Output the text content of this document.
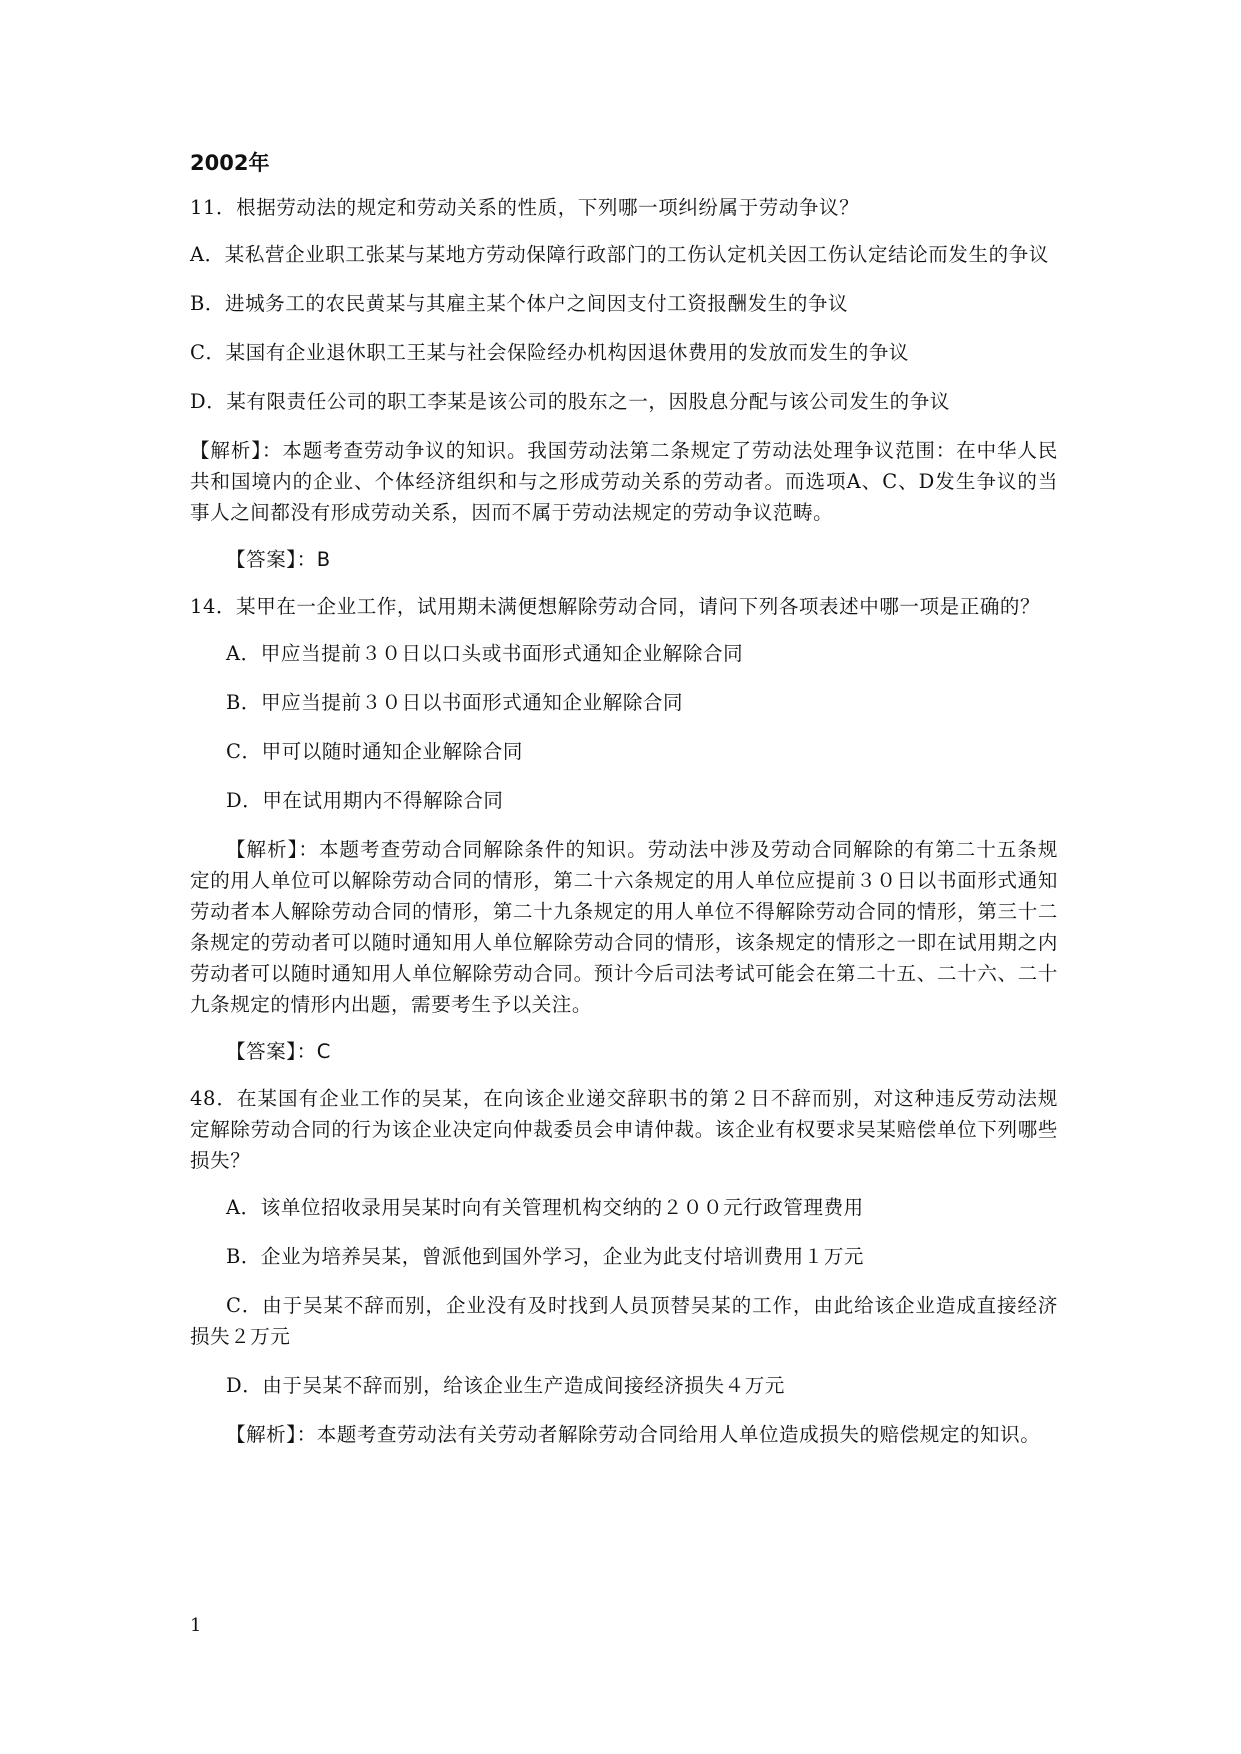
2002年
11．根据劳动法的规定和劳动关系的性质，下列哪一项纠纷属于劳动争议？
A．某私营企业职工张某与某地方劳动保障行政部门的工伤认定机关因工伤认定结论而发生的争议
B．进城务工的农民黄某与其雇主某个体户之间因支付工资报酬发生的争议
C．某国有企业退休职工王某与社会保险经办机构因退休费用的发放而发生的争议
D．某有限责任公司的职工李某是该公司的股东之一，因股息分配与该公司发生的争议
【解析】：本题考查劳动争议的知识。我国劳动法第二条规定了劳动法处理争议范围：在中华人民共和国境内的企业、个体经济组织和与之形成劳动关系的劳动者。而选项A、C、D发生争议的当事人之间都没有形成劳动关系，因而不属于劳动法规定的劳动争议范畴。
【答案】：B
14．某甲在一企业工作，试用期未满便想解除劳动合同，请问下列各项表述中哪一项是正确的？
A．甲应当提前３０日以口头或书面形式通知企业解除合同
B．甲应当提前３０日以书面形式通知企业解除合同
C．甲可以随时通知企业解除合同
D．甲在试用期内不得解除合同
【解析】：本题考查劳动合同解除条件的知识。劳动法中涉及劳动合同解除的有第二十五条规定的用人单位可以解除劳动合同的情形，第二十六条规定的用人单位应提前３０日以书面形式通知劳动者本人解除劳动合同的情形，第二十九条规定的用人单位不得解除劳动合同的情形，第三十二条规定的劳动者可以随时通知用人单位解除劳动合同的情形，该条规定的情形之一即在试用期之内劳动者可以随时通知用人单位解除劳动合同。预计今后司法考试可能会在第二十五、二十六、二十九条规定的情形内出题，需要考生予以关注。
【答案】：C
48．在某国有企业工作的吴某，在向该企业递交辞职书的第２日不辞而别，对这种违反劳动法规定解除劳动合同的行为该企业决定向仲裁委员会申请仲裁。该企业有权要求吴某赔偿单位下列哪些损失？
A．该单位招收录用吴某时向有关管理机构交纳的２００元行政管理费用
B．企业为培养吴某，曾派他到国外学习，企业为此支付培训费用１万元
C．由于吴某不辞而别，企业没有及时找到人员顶替吴某的工作，由此给该企业造成直接经济损失２万元
D．由于吴某不辞而别，给该企业生产造成间接经济损失４万元
【解析】：本题考查劳动法有关劳动者解除劳动合同给用人单位造成损失的赔偿规定的知识。
1
